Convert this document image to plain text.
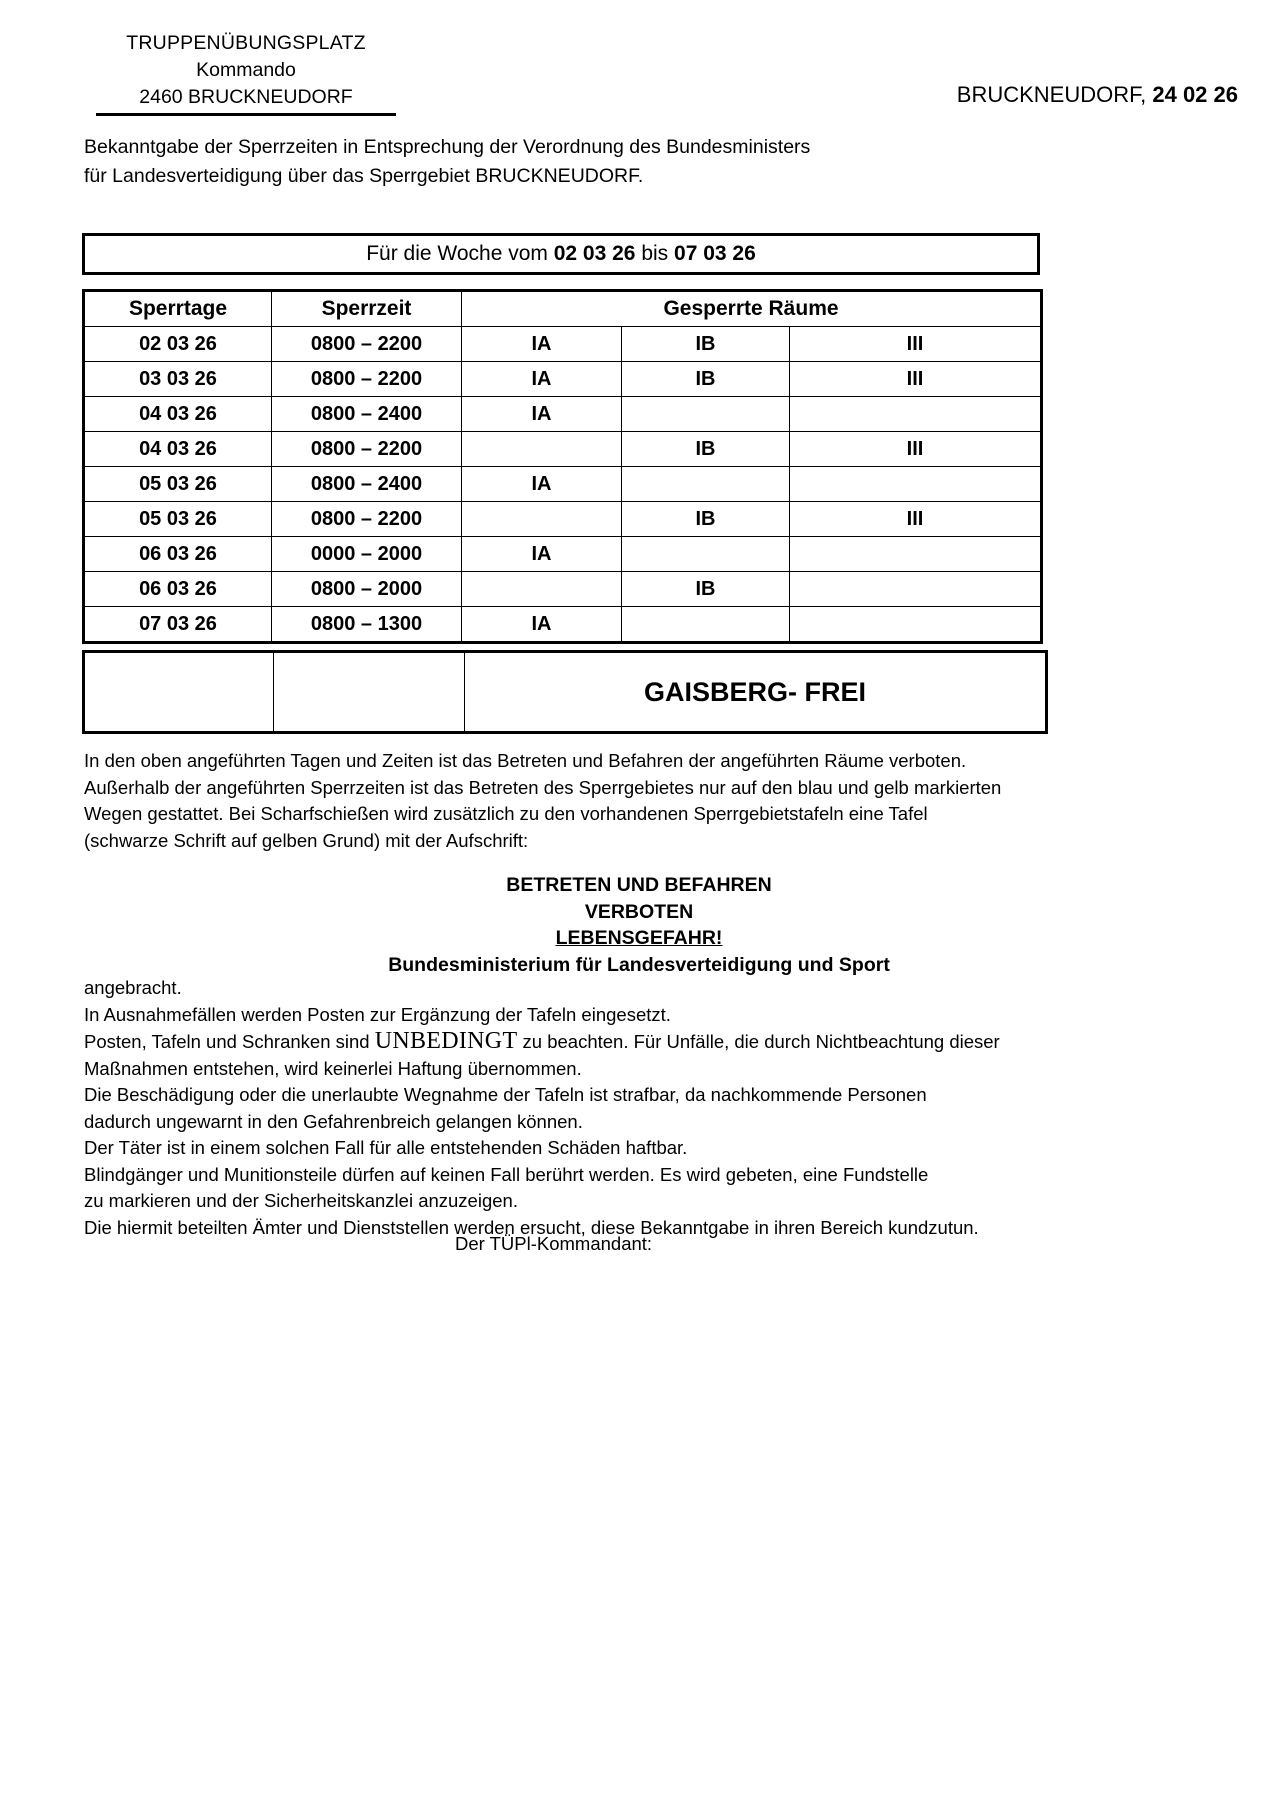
TRUPPENÜBUNGSPLATZ
Kommando
2460 BRUCKNEUDORF	BRUCKNEUDORF, 24 02 26
Bekanntgabe der Sperrzeiten in Entsprechung der Verordnung des Bundesministers
für Landesverteidigung über das Sperrgebiet BRUCKNEUDORF.
Für die Woche vom
02 03 26
bis
07 03 26
Sperrtage	Sperrzeit	Gesperrte Räume		
02 03 26	0800 – 2200	IA	IB	III
03 03 26	0800 – 2200	IA	IB	III
04 03 26	0800 – 2400	IA		
04 03 26	0800 – 2200		IB	III
05 03 26	0800 – 2400	IA		
05 03 26	0800 – 2200		IB	III
06 03 26	0000 – 2000	IA		
06 03 26	0800 – 2000		IB	
07 03 26	0800 – 1300	IA		
		GAISBERG- FREI
In den oben angeführten Tagen und Zeiten ist das Betreten und Befahren der angeführten Räume verboten.
Außerhalb der angeführten Sperrzeiten ist das Betreten des Sperrgebietes nur auf den blau und gelb markierten
Wegen gestattet. Bei Scharfschießen wird zusätzlich zu den vorhandenen Sperrgebietstafeln eine Tafel
(schwarze Schrift auf gelben Grund) mit der Aufschrift:
BETRETEN UND BEFAHREN
VERBOTEN
LEBENSGEFAHR!
Bundesministerium für Landesverteidigung und Sport
angebracht.
In Ausnahmefällen werden Posten zur Ergänzung der Tafeln eingesetzt.
Posten, Tafeln und Schranken sind UNBEDINGT zu beachten. Für Unfälle, die durch Nichtbeachtung dieser
Maßnahmen entstehen, wird keinerlei Haftung übernommen.
Die Beschädigung oder die unerlaubte Wegnahme der Tafeln ist strafbar, da nachkommende Personen
dadurch ungewarnt in den Gefahrenbreich gelangen können.
Der Täter ist in einem solchen Fall für alle entstehenden Schäden haftbar.
Blindgänger und Munitionsteile dürfen auf keinen Fall berührt werden. Es wird gebeten, eine Fundstelle
zu markieren und der Sicherheitskanzlei anzuzeigen.
Die hiermit beteilten Ämter und Dienststellen werden ersucht, diese Bekanntgabe in ihren Bereich kundzutun.
Der TÜPl-Kommandant:
